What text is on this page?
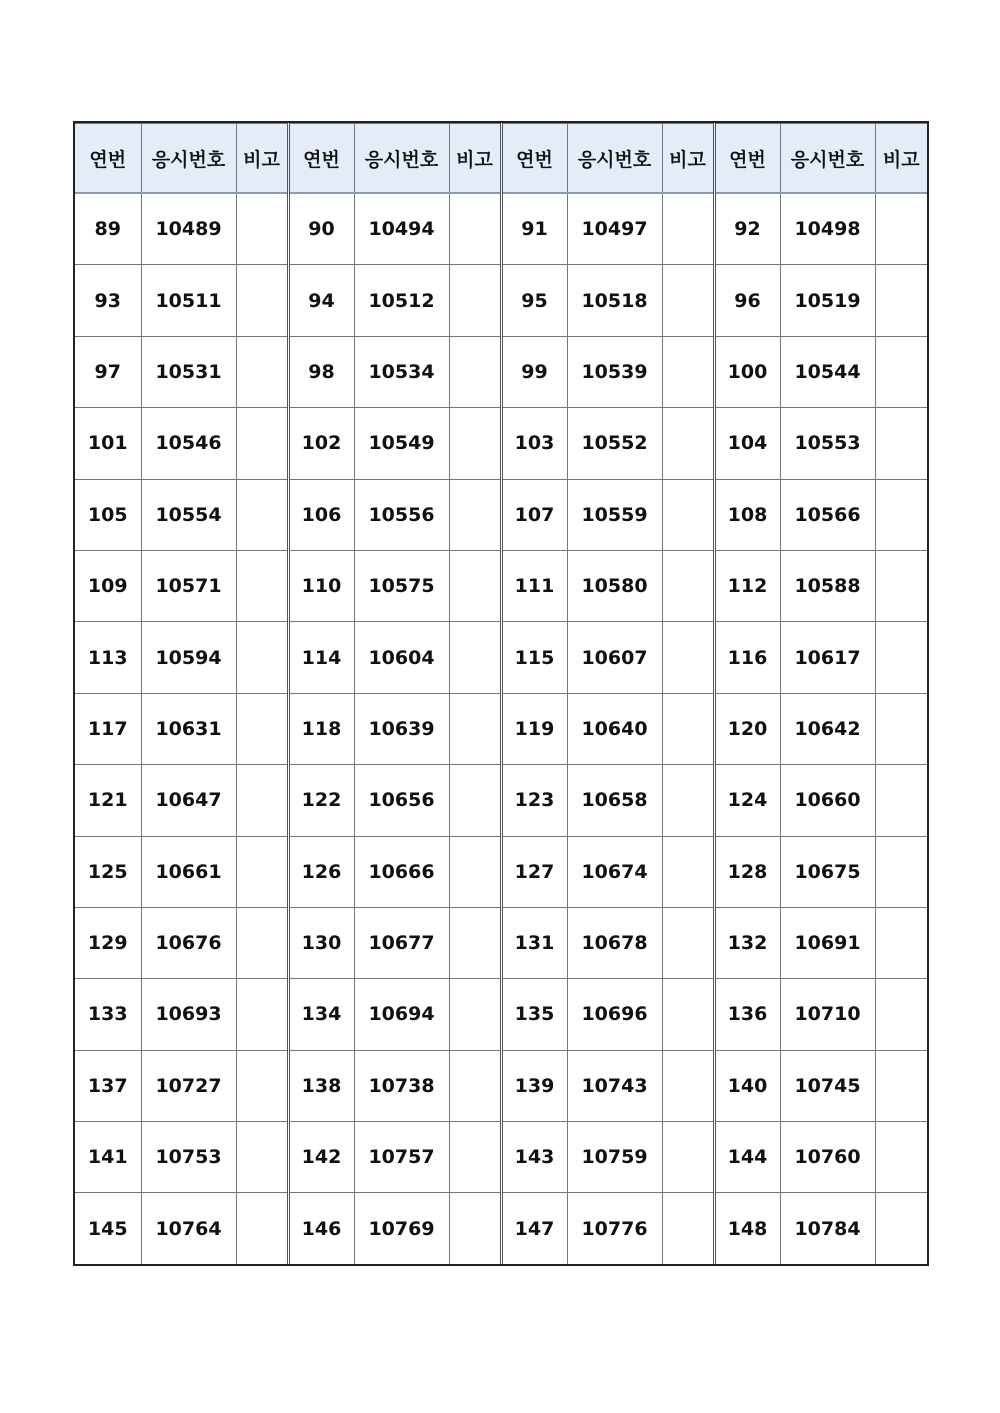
연번	응시번호	비고	연번	응시번호	비고	연번	응시번호	비고	연번	응시번호	비고
89	10489		90	10494		91	10497		92	10498	
93	10511		94	10512		95	10518		96	10519	
97	10531		98	10534		99	10539		100	10544	
101	10546		102	10549		103	10552		104	10553	
105	10554		106	10556		107	10559		108	10566	
109	10571		110	10575		111	10580		112	10588	
113	10594		114	10604		115	10607		116	10617	
117	10631		118	10639		119	10640		120	10642	
121	10647		122	10656		123	10658		124	10660	
125	10661		126	10666		127	10674		128	10675	
129	10676		130	10677		131	10678		132	10691	
133	10693		134	10694		135	10696		136	10710	
137	10727		138	10738		139	10743		140	10745	
141	10753		142	10757		143	10759		144	10760	
145	10764		146	10769		147	10776		148	10784	
